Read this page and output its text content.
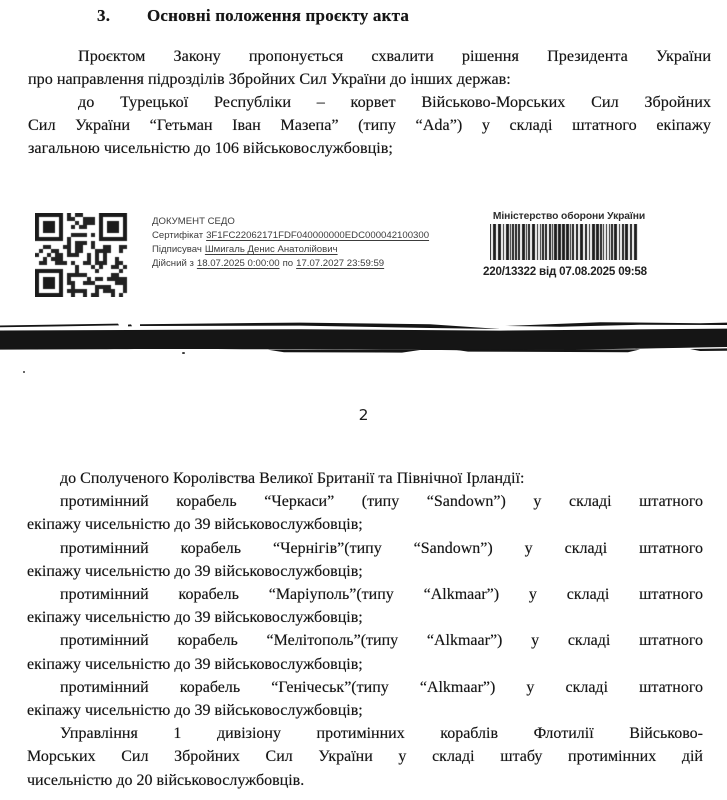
3. Основні положення проєкту акта
Проєктом Закону пропонується схвалити рішення Президента України
про направлення підрозділів Збройних Сил України до інших держав:
до Турецької Республіки – корвет Військово-Морських Сил Збройних
Сил України “Гетьман Іван Мазепа” (типу “Ada”) у складі штатного екіпажу
загальною чисельністю до 106 військовослужбовців;
ДОКУМЕНТ СЕДО
Сертифікат 3F1FC22062171FDF040000000EDC000042100300
Підписувач Шмигаль Денис Анатолійович
Дійсний з 18.07.2025 0:00:00 по 17.07.2027 23:59:59
Міністерство оборони України
220/13322 від 07.08.2025 09:58
2
до Сполученого Королівства Великої Британії та Північної Ірландії:
протимінний корабель “Черкаси” (типу “Sandown”) у складі штатного
екіпажу чисельністю до 39 військовослужбовців;
протимінний корабель “Чернігів”(типу “Sandown”) у складі штатного
екіпажу чисельністю до 39 військовослужбовців;
протимінний корабель “Маріуполь”(типу “Alkmaar”) у складі штатного
екіпажу чисельністю до 39 військовослужбовців;
протимінний корабель “Мелітополь”(типу “Alkmaar”) у складі штатного
екіпажу чисельністю до 39 військовослужбовців;
протимінний корабель “Генічеськ”(типу “Alkmaar”) у складі штатного
екіпажу чисельністю до 39 військовослужбовців;
Управління 1 дивізіону протимінних кораблів Флотилії Військово-
Морських Сил Збройних Сил України у складі штабу протимінних дій
чисельністю до 20 військовослужбовців.
